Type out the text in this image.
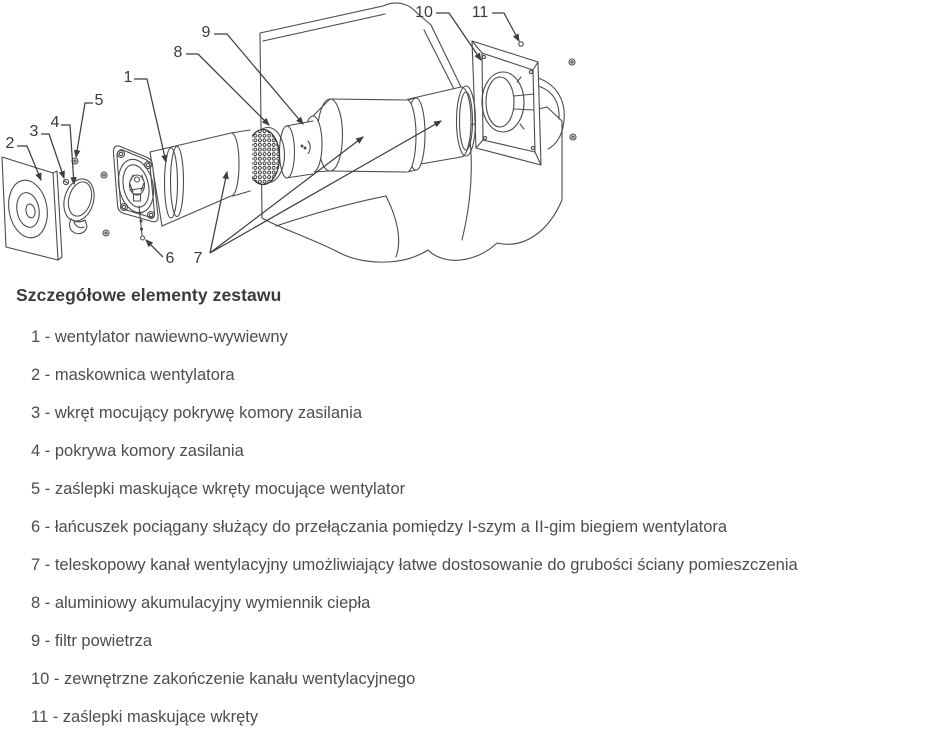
1
2
3
4
5
6 7
8
9
10 11
Szczegółowe elementy zestawu
1 - wentylator nawiewno-wywiewny
2 - maskownica wentylatora
3 - wkręt mocujący pokrywę komory zasilania
4 - pokrywa komory zasilania
5 - zaślepki maskujące wkręty mocujące wentylator
6 - łańcuszek pociągany służący do przełączania pomiędzy I-szym a II-gim biegiem wentylatora
7 - teleskopowy kanał wentylacyjny umożliwiający łatwe dostosowanie do grubości ściany pomieszczenia
8 - aluminiowy akumulacyjny wymiennik ciepła
9 - filtr powietrza
10 - zewnętrzne zakończenie kanału wentylacyjnego
11 - zaślepki maskujące wkręty
